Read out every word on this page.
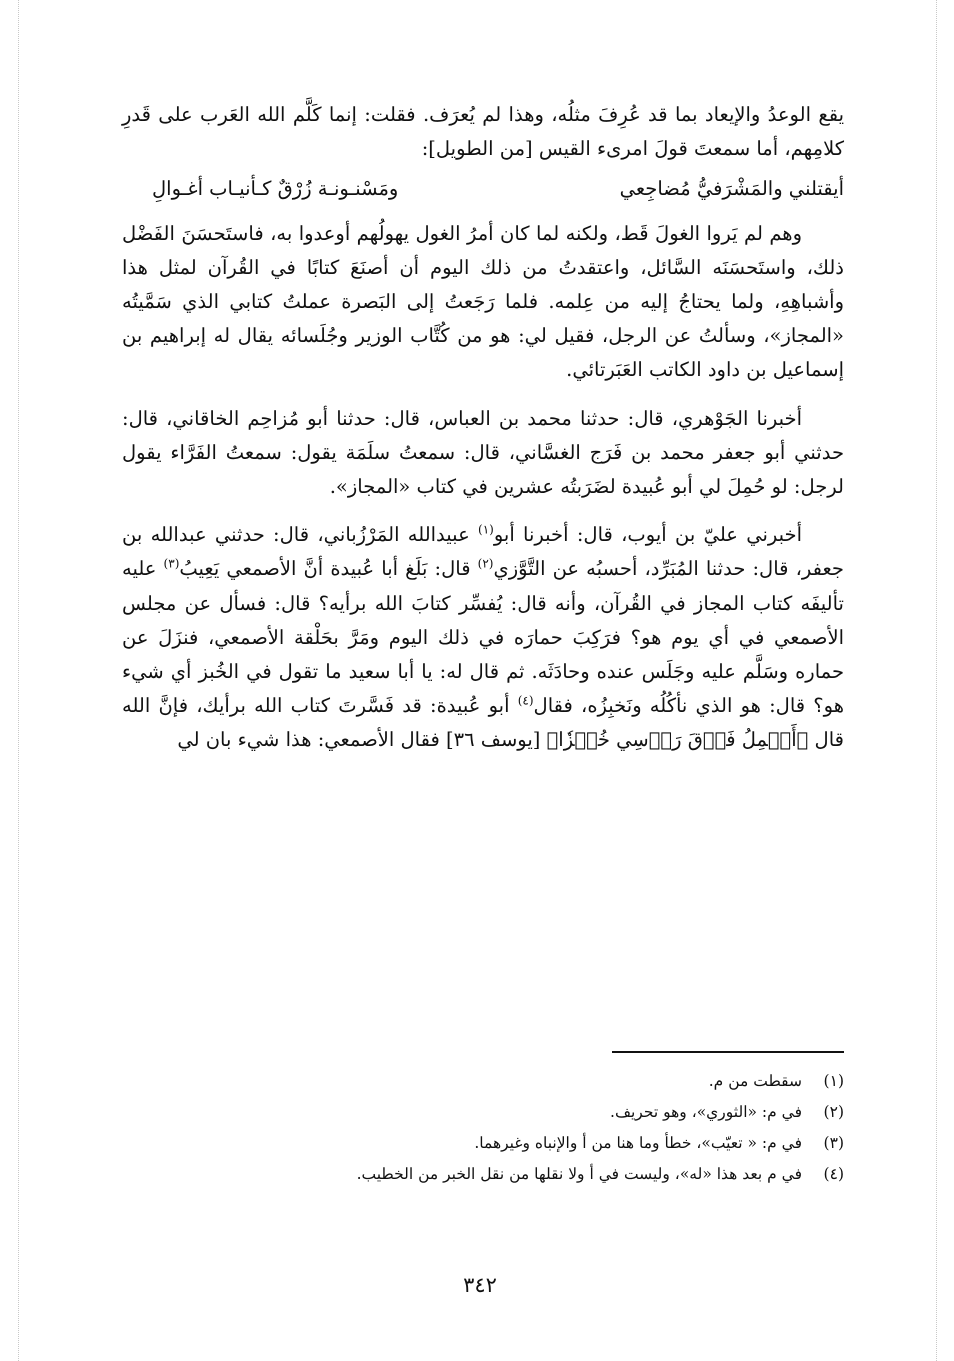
يقع الوعدُ والإيعاد بما قد عُرِفَ مثلُه، وهذا لم يُعرَف. فقلت: إنما كَلَّم الله العَرب على قَدرِ كلامِهم، أما سمعتَ قولَ امرىء القيس [من الطويل]:

أيقتلني والمَشْرَفيُّ مُضاجِعي
ومَسْنـونـة زُرْقٌ كـأنيـاب أغـوالِ

وهم لم يَروا الغولَ قَط، ولكنه لما كان أمرُ الغول يهولُهم أوعدوا به، فاستَحسَنَ الفَضْل ذلك، واستَحسَنَه السَّائل، واعتقدتُ من ذلك اليوم أن أصنَعَ كتابًا في القُرآن لمثل هذا وأشباهِهِ، ولما يحتاجُ إليه من عِلمه. فلما رَجَعتُ إلى البَصرة عملتُ كتابي الذي سَمَّيتُه «المجاز»، وسألتُ عن الرجل، فقيل لي: هو من كُتَّاب الوزير وجُلَسائه يقال له إبراهيم بن إسماعيل بن داود الكاتب العَبَرتائي.

أخبرنا الجَوْهري، قال: حدثنا محمد بن العباس، قال: حدثنا أبو مُزاحِم الخاقاني، قال: حدثني أبو جعفر محمد بن فَرَج الغسَّاني، قال: سمعتُ سلَمَة يقول: سمعتُ الفَرَّاء يقول لرجل: لو حُمِلَ لي أبو عُبيدة لضَرَبتُه عشرين في كتاب «المجاز».

أخبرني عليّ بن أيوب، قال: أخبرنا أبو$^{(١)}$ عبيدالله المَرْزُباني، قال: حدثني عبدالله بن جعفر، قال: حدثنا المُبَرِّد، أحسبُه عن التَّوَّزي$^{(٢)}$ قال: بَلَغ أبا عُبيدة أنَّ الأصمعي يَعِيبُ$^{(٣)}$ عليه تأليفَه كتاب المجاز في القُرآن، وأنه قال: يُفسِّر كتابَ الله برأيه؟ قال: فسأل عن مجلس الأصمعي في أي يوم هو؟ فرَكِبَ حمارَه في ذلك اليوم ومَرَّ بحَلْقة الأصمعي، فنزَلَ عن حماره وسَلَّم عليه وجَلَس عنده وحادَثَه. ثم قال له: يا أبا سعيد ما تقول في الخُبز أي شيء هو؟ قال: هو الذي نأكُلُه ونَخبِزُه، فقال$^{(٤)}$ أبو عُبيدة: قد فَسَّرتَ كتاب الله برأيك، فإنَّ الله قال ﴿أَحۡمِلُ فَوۡقَ رَأۡسِي خُبۡزٗا﴾ [يوسف ٣٦] فقال الأصمعي: هذا شيء بان لي

(١)
سقطت من م.
(٢)
في م: «الثوري»، وهو تحريف.
(٣)
في م: « تعيّب»، خطأ وما هنا من أ والإنباه وغيرهما.
(٤)
في م بعد هذا «له»، وليست في أ ولا نقلها من نقل الخبر من الخطيب.
٣٤٢
